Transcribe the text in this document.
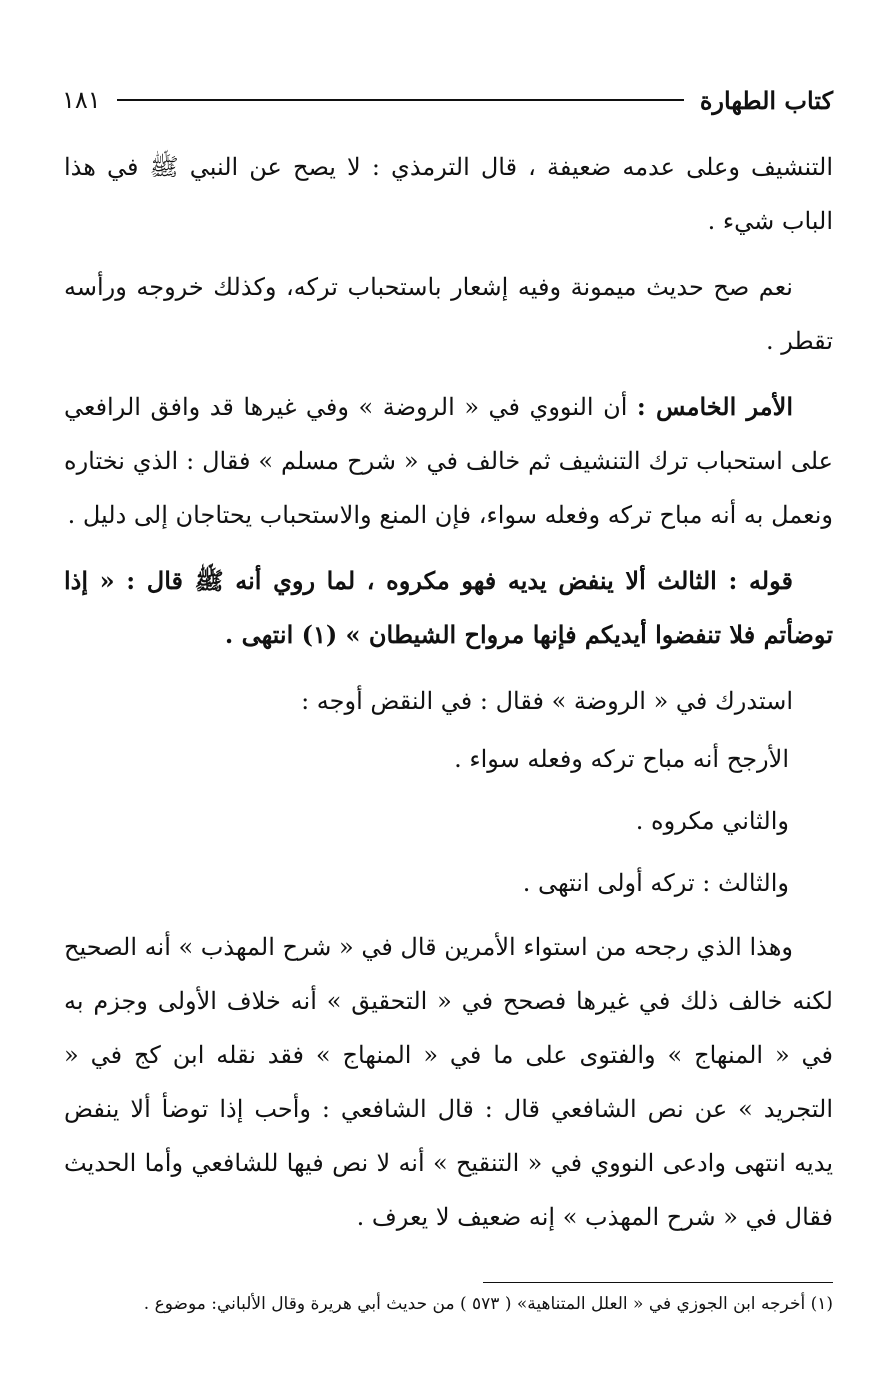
كتاب الطهارة
١٨١

التنشيف وعلى عدمه ضعيفة ، قال الترمذي : لا يصح عن النبي ﷺ في هذا الباب شيء .

نعم صح حديث ميمونة وفيه إشعار باستحباب تركه، وكذلك خروجه ورأسه تقطر .

الأمر الخامس : أن النووي في « الروضة » وفي غيرها قد وافق الرافعي على استحباب ترك التنشيف ثم خالف في « شرح مسلم » فقال : الذي نختاره ونعمل به أنه مباح تركه وفعله سواء، فإن المنع والاستحباب يحتاجان إلى دليل .

قوله : الثالث ألا ينفض يديه فهو مكروه ، لما روي أنه ﷺ قال : « إذا توضأتم فلا تنفضوا أيديكم فإنها مرواح الشيطان » (١) انتهى .

استدرك في « الروضة » فقال : في النقض أوجه :

الأرجح أنه مباح تركه وفعله سواء .
والثاني مكروه .
والثالث : تركه أولى انتهى .

وهذا الذي رجحه من استواء الأمرين قال في « شرح المهذب » أنه الصحيح لكنه خالف ذلك في غيرها فصحح في « التحقيق » أنه خلاف الأولى وجزم به في « المنهاج » والفتوى على ما في « المنهاج » فقد نقله ابن كج في « التجريد » عن نص الشافعي قال : قال الشافعي : وأحب إذا توضأ ألا ينفض يديه انتهى وادعى النووي في « التنقيح » أنه لا نص فيها للشافعي وأما الحديث فقال في « شرح المهذب » إنه ضعيف لا يعرف .

(١) أخرجه ابن الجوزي في « العلل المتناهية» ( ٥٧٣ ) من حديث أبي هريرة وقال الألباني: موضوع .
